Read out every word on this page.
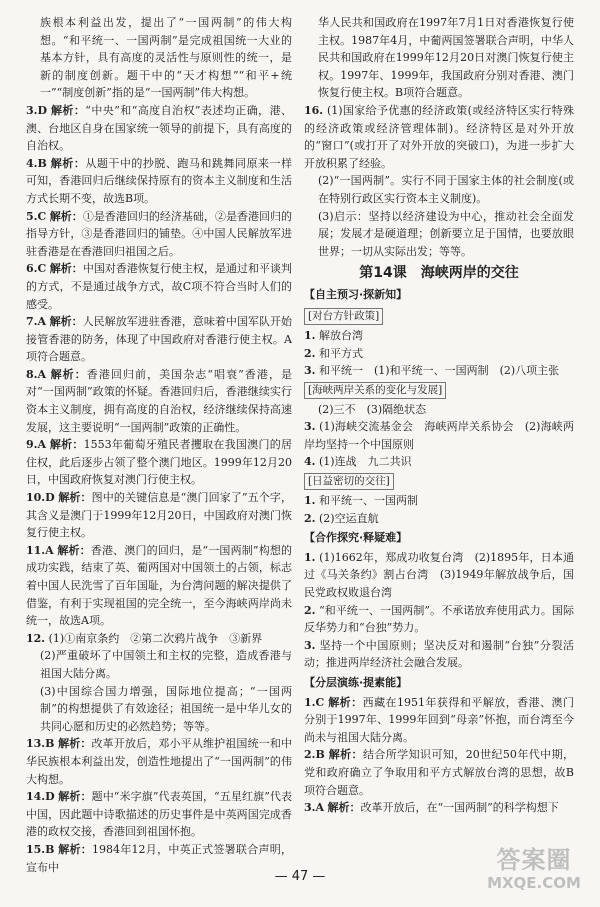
族根本利益出发，提出了“一国两制”的伟大构想。“和平统一、一国两制”是完成祖国统一大业的基本方针，具有高度的灵活性与原则性的统一，是新的制度创新。题干中的“天才构想”“和平+统一”“制度创新”指的是“一国两制”伟大构想。

3.D 解析：“中央”和“高度自治权”表述均正确，港、澳、台地区自身在国家统一领导的前提下，具有高度的自治权。

4.B 解析：从题干中的抄脱、跑马和跳舞同原来一样可知，香港回归后继续保持原有的资本主义制度和生活方式长期不变，故选B项。

5.C 解析：①是香港回归的经济基础，②是香港回归的指导方针，③是香港回归的铺垫。④中国人民解放军进驻香港是在香港回归祖国之后。

6.C 解析：中国对香港恢复行使主权，是通过和平谈判的方式，不是通过战争方式，故C项不符合当时人们的感受。

7.A 解析：人民解放军进驻香港，意味着中国军队开始接管香港的防务，体现了中国政府对香港行使主权。A项符合题意。

8.A 解析：香港回归前，美国杂志“唱衰”香港，是对“一国两制”政策的怀疑。香港回归后，香港继续实行资本主义制度，拥有高度的自治权，经济继续保持高速发展，这主要说明“一国两制”政策的正确性。

9.A 解析：1553年葡萄牙殖民者攫取在我国澳门的居住权，此后逐步占领了整个澳门地区。1999年12月20日，中国政府恢复对澳门行使主权。

10.D 解析：图中的关键信息是“澳门回家了”五个字，其含义是澳门于1999年12月20日，中国政府对澳门恢复行使主权。

11.A 解析：香港、澳门的回归，是“一国两制”构想的成功实践，结束了英、葡两国对中国领土的占领，标志着中国人民洗雪了百年国耻，为台湾问题的解决提供了借鉴，有利于实现祖国的完全统一，至今海峡两岸尚未统一，故选A项。

12. (1)①南京条约　②第二次鸦片战争　③新界

(2)严重破坏了中国领土和主权的完整，造成香港与祖国大陆分离。

(3)中国综合国力增强，国际地位提高；“一国两制”的构想提供了有效途径；祖国统一是中华儿女的共同心愿和历史的必然趋势；等等。

13.B 解析：改革开放后，邓小平从维护祖国统一和中华民族根本利益出发，创造性地提出了“一国两制”的伟大构想。

14.D 解析：题中“米字旗”代表英国，“五星红旗”代表中国，因此题中诗歌描述的历史事件是中英两国完成香港的政权交接，香港回到祖国怀抱。

15.B 解析：1984年12月，中英正式签署联合声明，宣布中

华人民共和国政府在1997年7月1日对香港恢复行使主权。1987年4月，中葡两国签署联合声明，中华人民共和国政府在1999年12月20日对澳门恢复行使主权。1997年、1999年，我国政府分别对香港、澳门恢复行使主权。B项符合题意。

16. (1)国家给予优惠的经济政策(或经济特区实行特殊的经济政策或经济管理体制)。经济特区是对外开放的“窗口”(或打开了对外开放的突破口)，为进一步扩大开放积累了经验。

(2)“一国两制”。实行不同于国家主体的社会制度(或在特别行政区实行资本主义制度)。

(3)启示：坚持以经济建设为中心，推动社会全面发展；发展才是硬道理；创新要立足于国情，也要放眼世界；一切从实际出发；等等。

第14课　海峡两岸的交往
【自主预习·探新知】
[对台方针政策]

1. 解放台湾

2. 和平方式

3. 和平统一　(1)和平统一、一国两制　(2)八项主张

[海峡两岸关系的变化与发展]

(2)三不　(3)隔绝状态

3. (1)海峡交流基金会　海峡两岸关系协会　(2)海峡两岸均坚持一个中国原则

4. (1)连战　九二共识

[日益密切的交往]

1. 和平统一、一国两制

2. (2)空运直航

【合作探究·释疑难】

1. (1)1662年，郑成功收复台湾　(2)1895年，日本通过《马关条约》割占台湾　(3)1949年解放战争后，国民党政权败退台湾

2. “和平统一、一国两制”。不承诺放弃使用武力。国际反华势力和“台独”势力。

3. 坚持一个中国原则；坚决反对和遏制“台独”分裂活动；推进两岸经济社会融合发展。

【分层演练·提素能】

1.C 解析：西藏在1951年获得和平解放，香港、澳门分别于1997年、1999年回到“母亲”怀抱，而台湾至今尚未与祖国大陆分离。

2.B 解析：结合所学知识可知，20世纪50年代中期，党和政府确立了争取用和平方式解放台湾的思想，故B项符合题意。

3.A 解析：改革开放后，在“一国两制”的科学构想下

— 47 —
答案圈
MXQE.COM
